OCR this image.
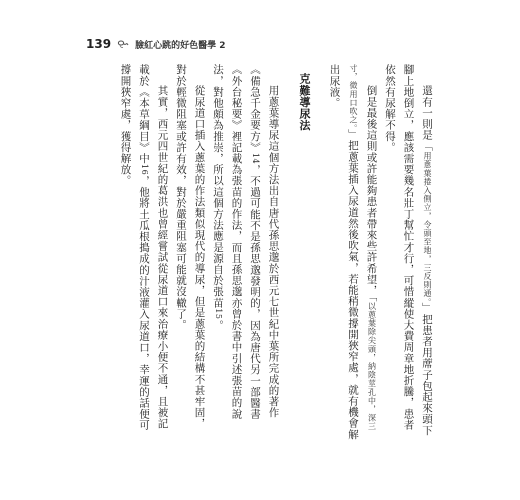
139	臉紅心跳的好色醫學 2

還有一則是「用蔥葉捲入側立，令頭至地，三反則通。」把患者用蓆子包起來頭下腳上地倒立，應該需要幾名壯丁幫忙才行，可惜縱使大費周章地折騰，患者依然有尿解不得。

倒是最後這則或許能夠患者帶來些許希望，「以蔥葉除尖頭，納陰莖孔中，深三寸，微用口吹之。」把蔥葉插入尿道然後吹氣，若能稍微撐開狹窄處，就有機會解出尿液。

克難導尿法

用蔥葉導尿這個方法出自唐代孫思邈於西元七世紀中葉所完成的著作《備急千金要方》14，不過可能不是孫思邈發明的，因為唐代另一部醫書《外台秘要》裡記載為張苗的作法，而且孫思邈亦曾於書中引述張苗的說法，對他頗為推崇，所以這個方法應是源自於張苗15。

從尿道口插入蔥葉的作法類似現代的導尿，但是蔥葉的結構不甚牢固，對於輕微阻塞或許有效，對於嚴重阻塞可能就沒轍了。

其實，西元四世紀的葛洪也曾經嘗試從尿道口來治療小便不通，且被記載於《本草綱目》中16，他將土瓜根搗成的汁液灌入尿道口，幸運的話便可撐開狹窄處，獲得解放。
